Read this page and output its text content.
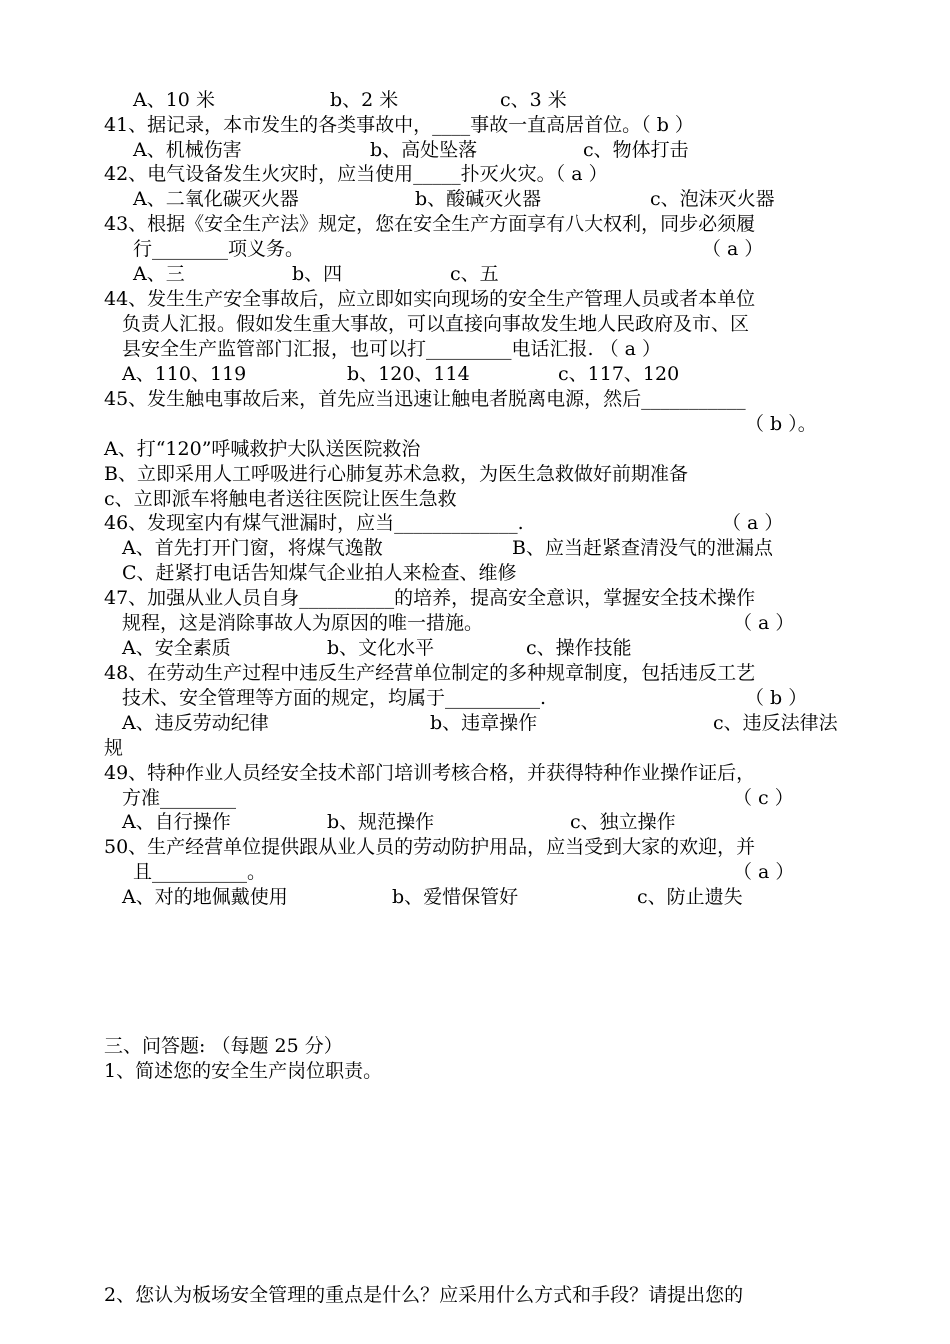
A、10 米	b、2 米	c、3 米
41、据记录，本市发生的各类事故中，____事故一直高居首位。（ b ）
A、机械伤害	b、高处坠落	c、物体打击
42、电气设备发生火灾时，应当使用_____扑灭火灾。（ a ）
A、二氧化碳灭火器	b、酸碱灭火器	c、泡沫灭火器
43、根据《安全生产法》规定，您在安全生产方面享有八大权利，同步必须履
行________项义务。	（ a ）
A、三	b、四	c、五
44、发生生产安全事故后，应立即如实向现场的安全生产管理人员或者本单位
负责人汇报。假如发生重大事故，可以直接向事故发生地人民政府及市、区
县安全生产监管部门汇报，也可以打_________电话汇报. （ a ）
A、110、119	b、120、114	c、117、120
45、发生触电事故后来，首先应当迅速让触电者脱离电源，然后___________
（ b ）。
A、打“120”呼喊救护大队送医院救治
B、立即采用人工呼吸进行心肺复苏术急救，为医生急救做好前期准备
c、立即派车将触电者送往医院让医生急救
46、发现室内有煤气泄漏时，应当_____________.	（ a ）
A、首先打开门窗，将煤气逸散	B、应当赶紧查清没气的泄漏点
C、赶紧打电话告知煤气企业拍人来检查、维修
47、加强从业人员自身__________的培养，提高安全意识，掌握安全技术操作
规程，这是消除事故人为原因的唯一措施。	（ a ）
A、安全素质	b、文化水平	c、操作技能
48、在劳动生产过程中违反生产经营单位制定的多种规章制度，包括违反工艺
技术、安全管理等方面的规定，均属于__________.	（ b ）
A、违反劳动纪律	b、违章操作	c、违反法律法
规
49、特种作业人员经安全技术部门培训考核合格，并获得特种作业操作证后，
方准________	（ c ）
A、自行操作	b、规范操作	c、独立操作
50、生产经营单位提供跟从业人员的劳动防护用品，应当受到大家的欢迎，并
且__________。	（ a ）
A、对的地佩戴使用	b、爱惜保管好	c、防止遗失
三、问答题: （每题 25 分）
1、简述您的安全生产岗位职责。
2、您认为板场安全管理的重点是什么？应采用什么方式和手段？请提出您的
